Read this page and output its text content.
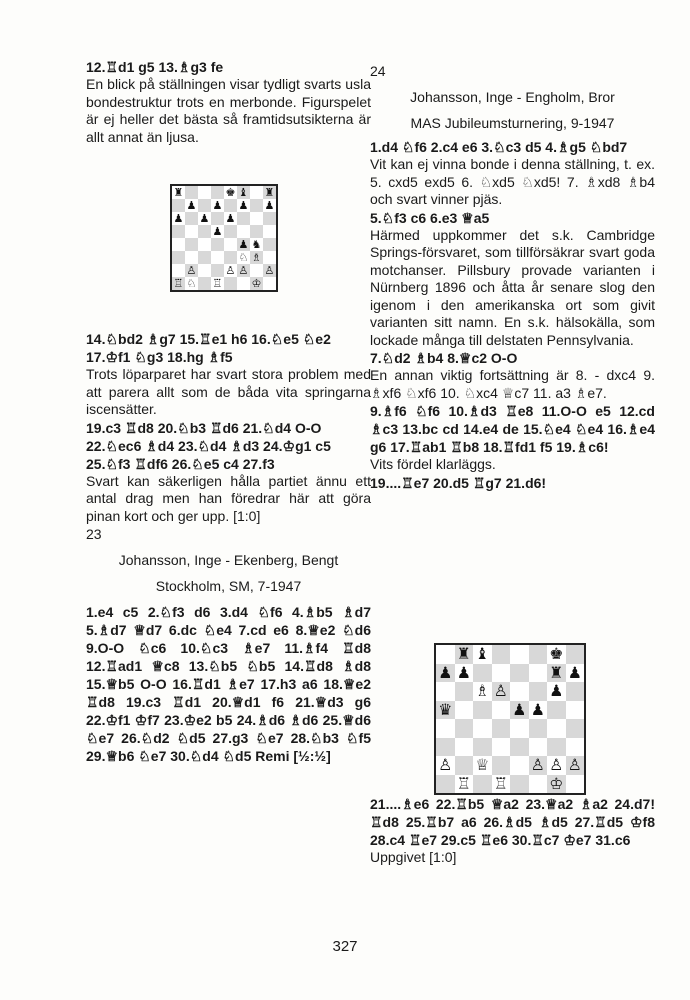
12.♖d1 g5 13.♗g3 fe

En blick på ställningen visar tydligt svarts usla bondestruktur trots en merbonde. Figurspelet är ej heller det bästa så framtidsutsikterna är allt annat än ljusa.

♜	♚ ♝ ♜
♟ ♟ ♟ ♟
♟ ♟ ♟
♟
♟ ♞
♘ ♗
♙	♙ ♙ ♙
♖ ♘ ♖	♔

14.♘bd2 ♗g7 15.♖e1 h6 16.♘e5 ♘e2 17.♔f1 ♘g3 18.hg ♗f5

Trots löparparet har svart stora problem med att parera allt som de båda vita springarna iscensätter.

19.c3 ♖d8 20.♘b3 ♖d6 21.♘d4 O-O 22.♘ec6 ♗d4 23.♘d4 ♗d3 24.♔g1 c5 25.♘f3 ♖df6 26.♘e5 c4 27.f3

Svart kan säkerligen hålla partiet ännu ett antal drag men han föredrar här att göra pinan kort och ger upp. [1:0]

23

Johansson, Inge - Ekenberg, Bengt

Stockholm, SM, 7-1947

1.e4 c5 2.♘f3 d6 3.d4 ♘f6 4.♗b5 ♗d7 5.♗d7 ♕d7 6.dc ♘e4 7.cd e6 8.♕e2 ♘d6 9.O-O ♘c6 10.♘c3 ♗e7 11.♗f4 ♖d8 12.♖ad1 ♕c8 13.♘b5 ♘b5 14.♖d8 ♗d8 15.♕b5 O-O 16.♖d1 ♗e7 17.h3 a6 18.♕e2 ♖d8 19.c3 ♖d1 20.♕d1 f6 21.♕d3 g6 22.♔f1 ♔f7 23.♔e2 b5 24.♗d6 ♗d6 25.♕d6 ♘e7 26.♘d2 ♘d5 27.g3 ♘e7 28.♘b3 ♘f5 29.♕b6 ♘e7 30.♘d4 ♘d5 Remi [½:½]

24

Johansson, Inge - Engholm, Bror

MAS Jubileumsturnering, 9-1947

1.d4 ♘f6 2.c4 e6 3.♘c3 d5 4.♗g5 ♘bd7

Vit kan ej vinna bonde i denna ställning, t. ex. 5. cxd5 exd5 6. ♘xd5 ♘xd5! 7. ♗xd8 ♗b4 och svart vinner pjäs.

5.♘f3 c6 6.e3 ♕a5

Härmed uppkommer det s.k. Cambridge Springs-försvaret, som tillförsäkrar svart goda motchanser. Pillsbury provade varianten i Nürnberg 1896 och åtta år senare slog den igenom i den amerikanska ort som givit varianten sitt namn. En s.k. hälsokälla, som lockade många till delstaten Pennsylvania.

7.♘d2 ♗b4 8.♕c2 O-O

En annan viktig fortsättning är 8. - dxc4 9. ♗xf6 ♘xf6 10. ♘xc4 ♕c7 11. a3 ♗e7.

9.♗f6 ♘f6 10.♗d3 ♖e8 11.O-O e5 12.cd ♗c3 13.bc cd 14.e4 de 15.♘e4 ♘e4 16.♗e4 g6 17.♖ab1 ♖b8 18.♖fd1 f5 19.♗c6!

Vits fördel klarläggs.

19....♖e7 20.d5 ♖g7 21.d6!

♜ ♝	♚
♟ ♟	♜ ♟
♗ ♙	♟
♛	♟ ♟
♙ ♕	♙ ♙ ♙
♖ ♖	♔

21....♗e6 22.♖b5 ♕a2 23.♕a2 ♗a2 24.d7! ♖d8 25.♖b7 a6 26.♗d5 ♗d5 27.♖d5 ♔f8 28.c4 ♖e7 29.c5 ♖e6 30.♖c7 ♔e7 31.c6

Uppgivet [1:0]

327
